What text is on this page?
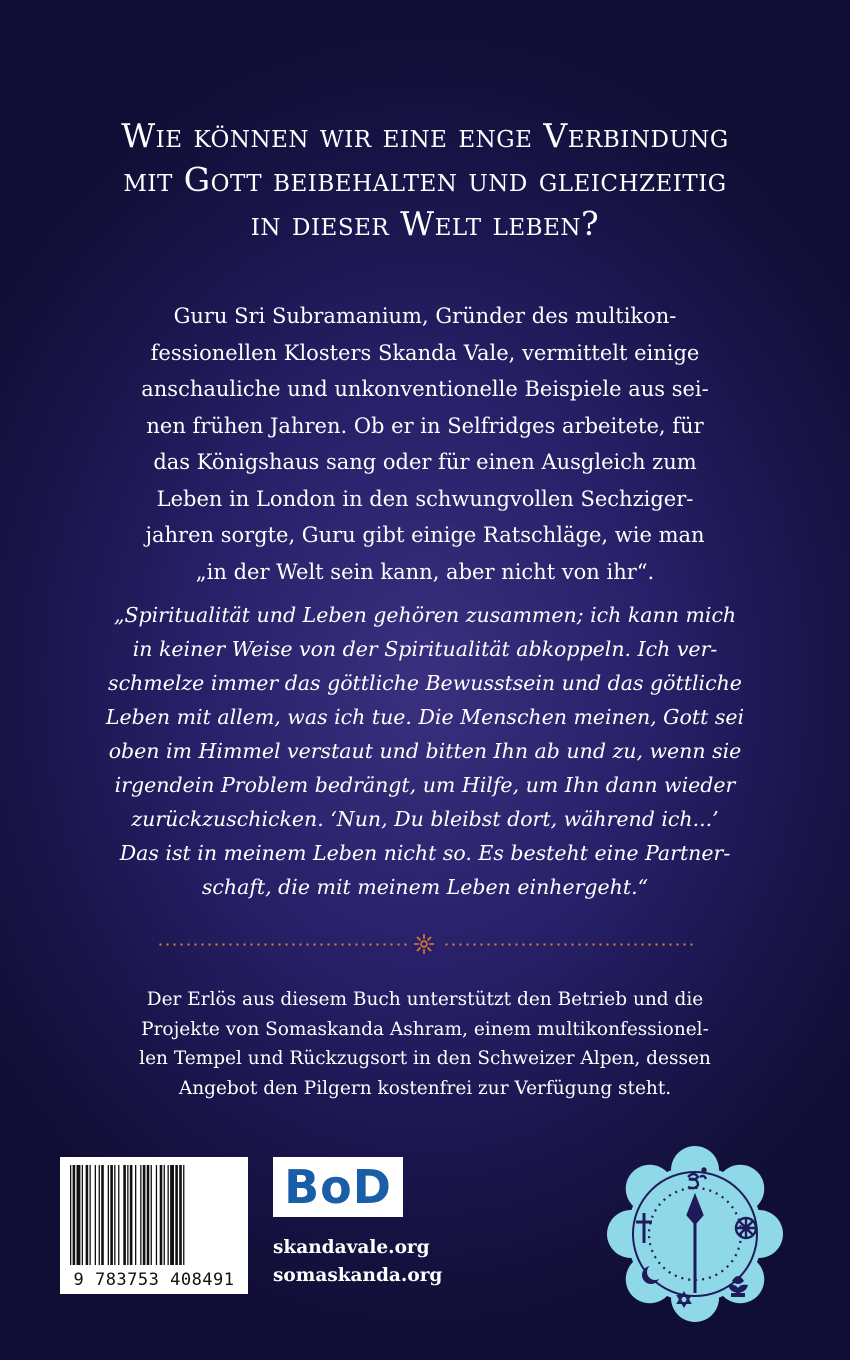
Wie können wir eine enge Verbindung
mit Gott beibehalten und gleichzeitig
in dieser Welt leben?
Guru Sri Subramanium, Gründer des multikon-
fessionellen Klosters Skanda Vale, vermittelt einige
anschauliche und unkonventionelle Beispiele aus sei-
nen frühen Jahren. Ob er in Selfridges arbeitete, für
das Königshaus sang oder für einen Ausgleich zum
Leben in London in den schwungvollen Sechziger-
jahren sorgte, Guru gibt einige Ratschläge, wie man
„in der Welt sein kann, aber nicht von ihr“.
„Spiritualität und Leben gehören zusammen; ich kann mich
in keiner Weise von der Spiritualität abkoppeln. Ich ver-
schmelze immer das göttliche Bewusstsein und das göttliche
Leben mit allem, was ich tue. Die Menschen meinen, Gott sei
oben im Himmel verstaut und bitten Ihn ab und zu, wenn sie
irgendein Problem bedrängt, um Hilfe, um Ihn dann wieder
zurückzuschicken. ‘Nun, Du bleibst dort, während ich...’
Das ist in meinem Leben nicht so. Es besteht eine Partner-
schaft, die mit meinem Leben einhergeht.“
Der Erlös aus diesem Buch unterstützt den Betrieb und die
Projekte von Somaskanda Ashram, einem multikonfessionel-
len Tempel und Rückzugsort in den Schweizer Alpen, dessen
Angebot den Pilgern kostenfrei zur Verfügung steht.
9 783753 408491
BoD
skandavale.org
somaskanda.org
